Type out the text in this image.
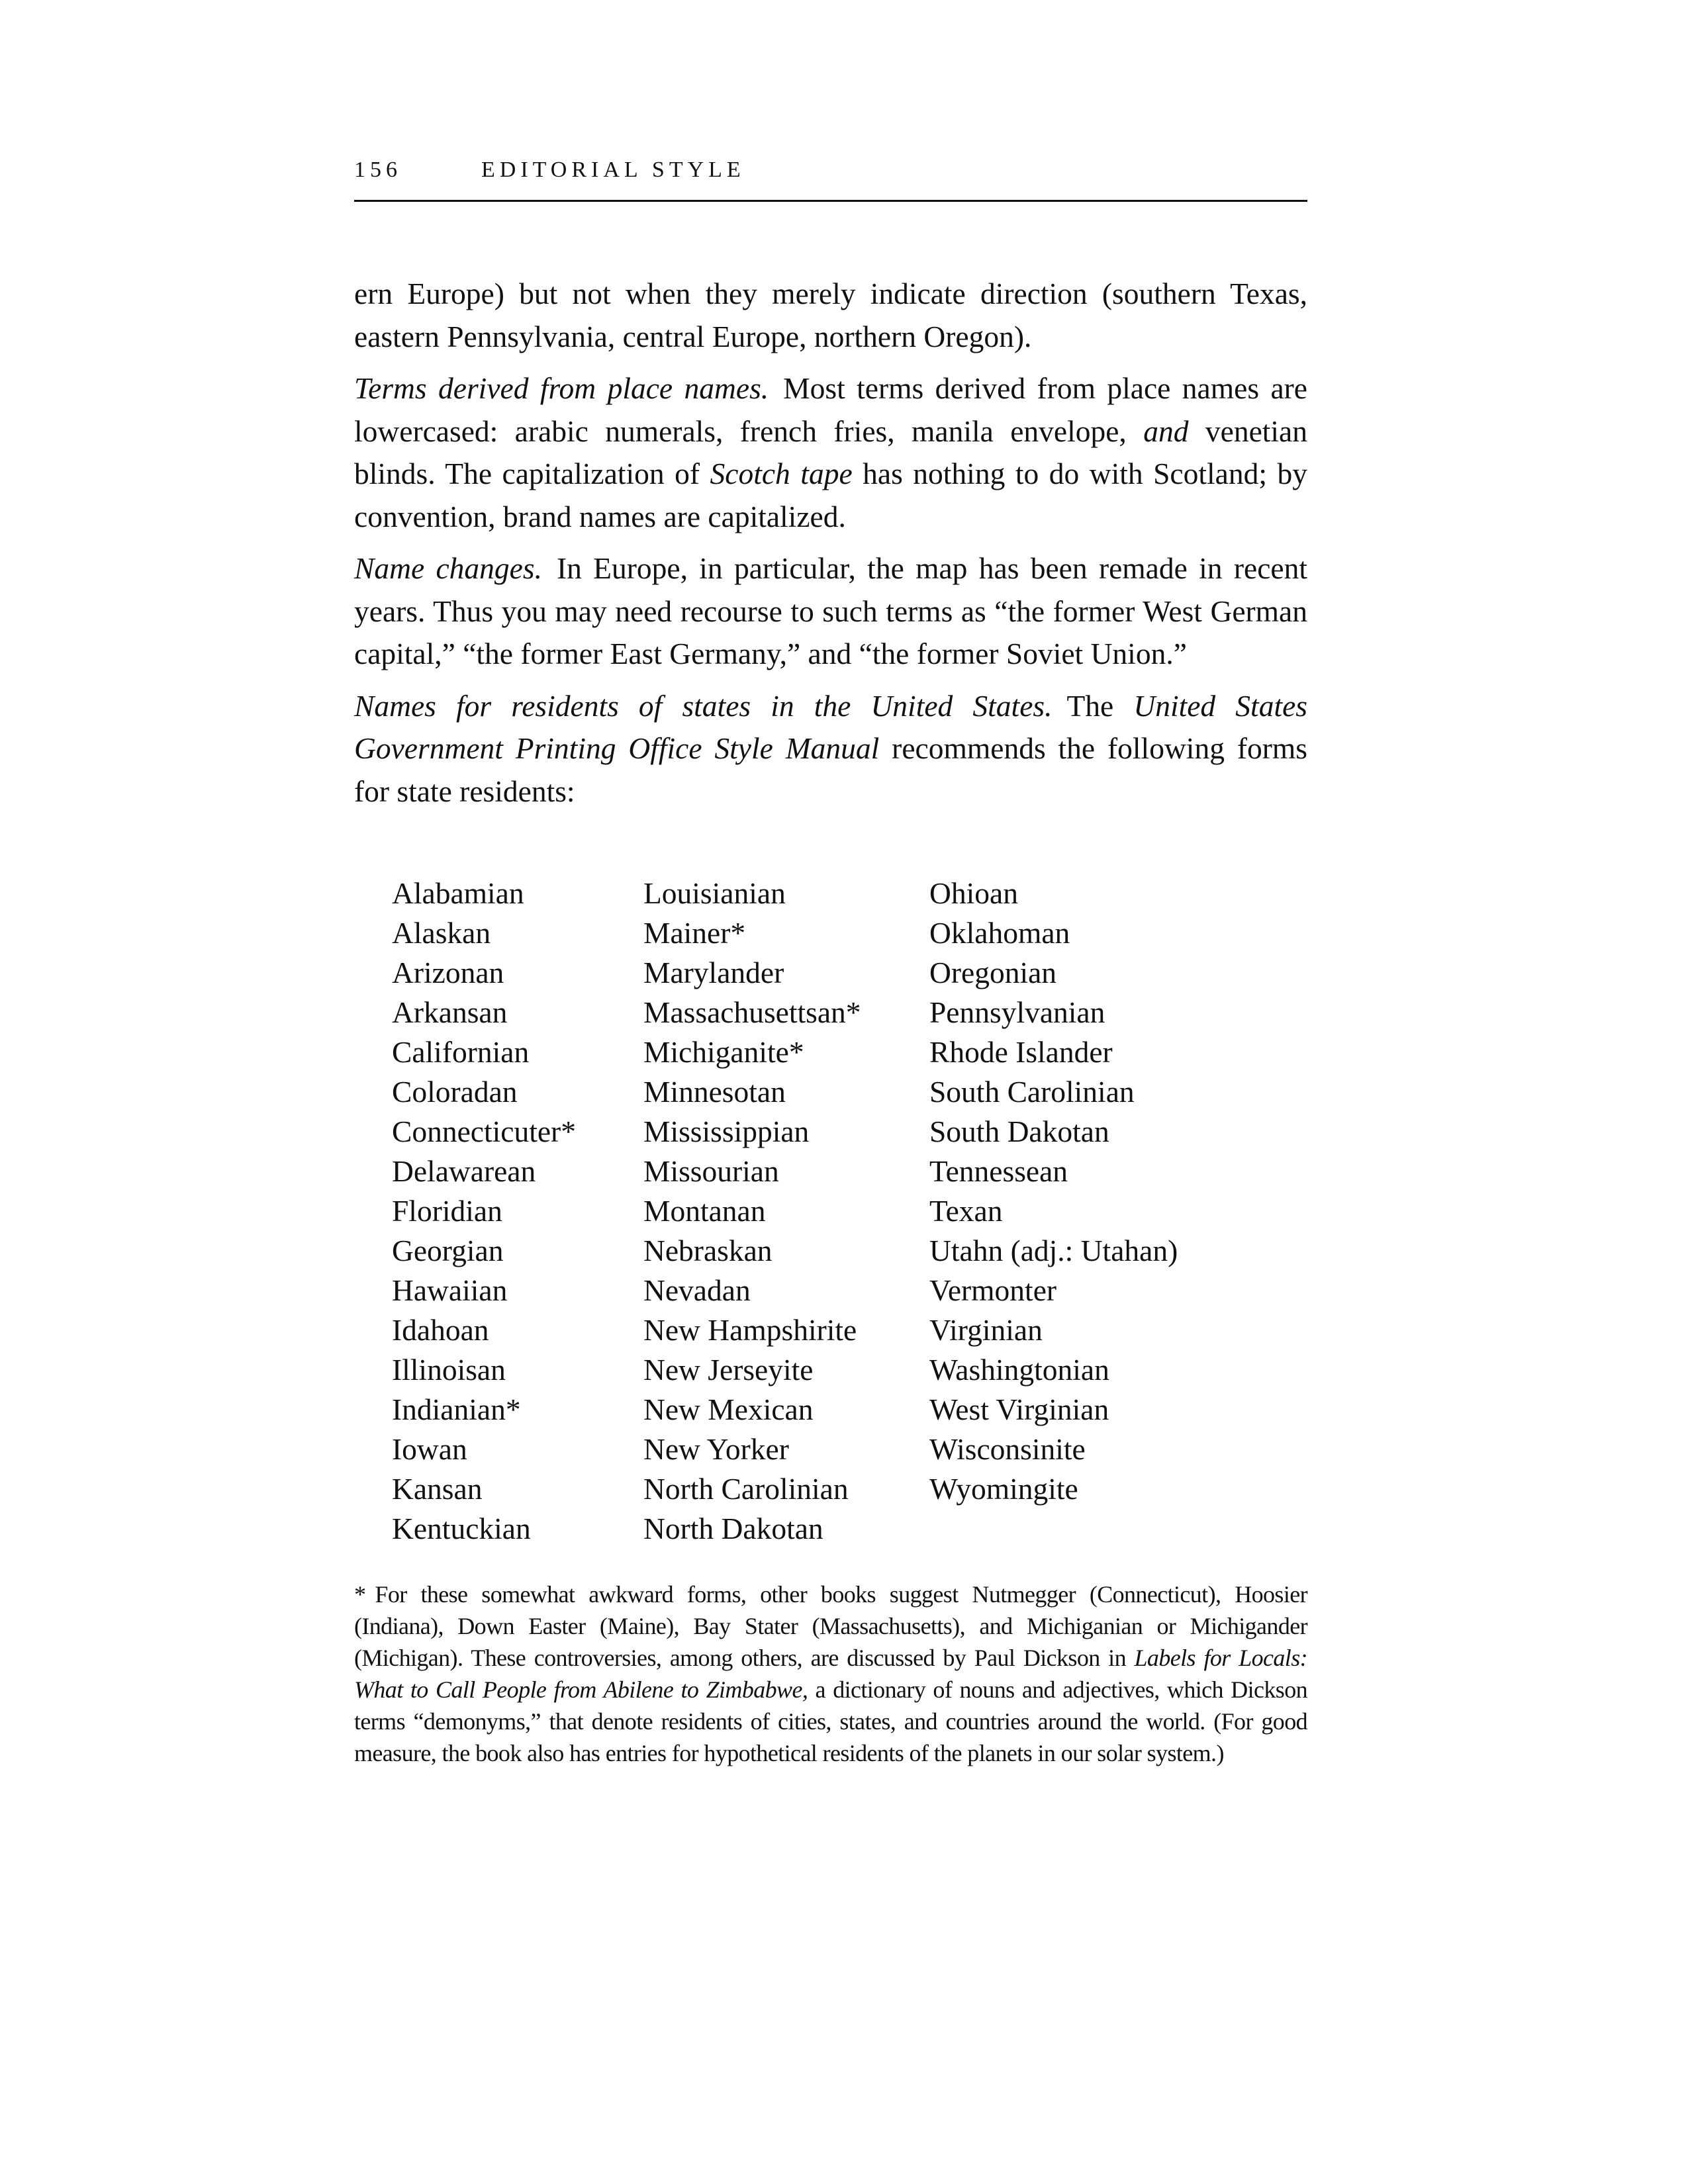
156	EDITORIAL STYLE

ern Europe) but not when they merely indicate direction (southern Texas, eastern Pennsylvania, central Europe, northern Oregon).

Terms derived from place names. Most terms derived from place names are lowercased: arabic numerals, french fries, manila envelope, and venetian blinds. The capitalization of Scotch tape has nothing to do with Scotland; by convention, brand names are capitalized.

Name changes. In Europe, in particular, the map has been remade in recent years. Thus you may need recourse to such terms as “the former West German capital,” “the former East Germany,” and “the former Soviet Union.”

Names for residents of states in the United States. The United States Government Printing Office Style Manual recommends the following forms for state residents:

Alabamian
Alaskan
Arizonan
Arkansan
Californian
Coloradan
Connecticuter*
Delawarean
Floridian
Georgian
Hawaiian
Idahoan
Illinoisan
Indianian*
Iowan
Kansan
Kentuckian
Louisianian
Mainer*
Marylander
Massachusettsan*
Michiganite*
Minnesotan
Mississippian
Missourian
Montanan
Nebraskan
Nevadan
New Hampshirite
New Jerseyite
New Mexican
New Yorker
North Carolinian
North Dakotan
Ohioan
Oklahoman
Oregonian
Pennsylvanian
Rhode Islander
South Carolinian
South Dakotan
Tennessean
Texan
Utahn (adj.: Utahan)
Vermonter
Virginian
Washingtonian
West Virginian
Wisconsinite
Wyomingite
* For these somewhat awkward forms, other books suggest Nutmegger (Connecticut), Hoosier (Indiana), Down Easter (Maine), Bay Stater (Massachusetts), and Michiganian or Michigander (Michigan). These controversies, among others, are discussed by Paul Dickson in Labels for Locals: What to Call People from Abilene to Zimbabwe, a dictionary of nouns and adjectives, which Dickson terms “demonyms,” that denote residents of cities, states, and countries around the world. (For good measure, the book also has entries for hypothetical residents of the planets in our solar system.)
